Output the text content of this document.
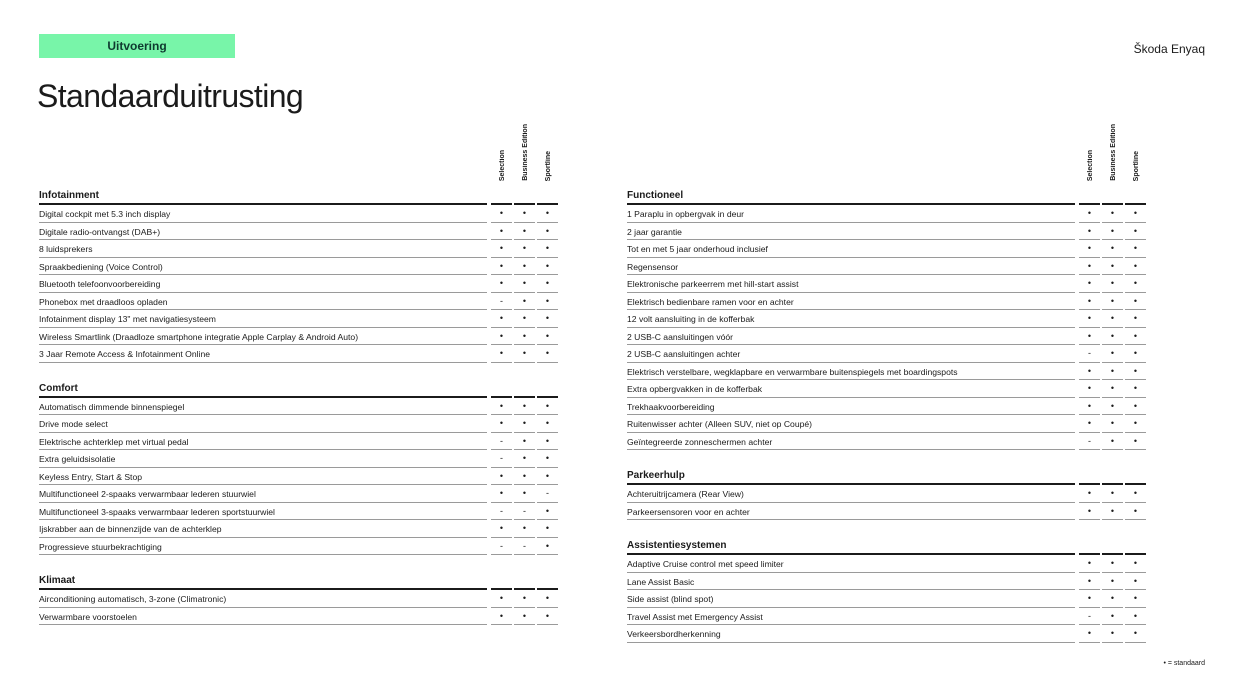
Uitvoering	Škoda Enyaq
Standaarduitrusting
Selection Business Edition Sportline
Infotainment
Digital cockpit met 5.3 inch display	•	•	•
Digitale radio-ontvangst (DAB+)	•	•	•
8 luidsprekers	•	•	•
Spraakbediening (Voice Control)	•	•	•
Bluetooth telefoonvoorbereiding	•	•	•
Phonebox met draadloos opladen	-	•	•
Infotainment display 13" met navigatiesysteem	•	•	•
Wireless Smartlink (Draadloze smartphone integratie Apple Carplay & Android Auto)	•	•	•
3 Jaar Remote Access & Infotainment Online	•	•	•
Comfort
Automatisch dimmende binnenspiegel	•	•	•
Drive mode select	•	•	•
Elektrische achterklep met virtual pedal	-	•	•
Extra geluidsisolatie	-	•	•
Keyless Entry, Start & Stop	•	•	•
Multifunctioneel 2-spaaks verwarmbaar lederen stuurwiel	•	•	-
Multifunctioneel 3-spaaks verwarmbaar lederen sportstuurwiel	-	-	•
Ijskrabber aan de binnenzijde van de achterklep	•	•	•
Progressieve stuurbekrachtiging	-	-	•
Klimaat
Airconditioning automatisch, 3-zone (Climatronic)	•	•	•
Verwarmbare voorstoelen	•	•	•
Selection Business Edition Sportline
Functioneel
1 Paraplu in opbergvak in deur	•	•	•
2 jaar garantie	•	•	•
Tot en met 5 jaar onderhoud inclusief	•	•	•
Regensensor	•	•	•
Elektronische parkeerrem met hill-start assist	•	•	•
Elektrisch bedienbare ramen voor en achter	•	•	•
12 volt aansluiting in de kofferbak	•	•	•
2 USB-C aansluitingen vóór	•	•	•
2 USB-C aansluitingen achter	-	•	•
Elektrisch verstelbare, wegklapbare en verwarmbare buitenspiegels met boardingspots	•	•	•
Extra opbergvakken in de kofferbak	•	•	•
Trekhaakvoorbereiding	•	•	•
Ruitenwisser achter (Alleen SUV, niet op Coupé)	•	•	•
Geïntegreerde zonneschermen achter	-	•	•
Parkeerhulp
Achteruitrijcamera (Rear View)	•	•	•
Parkeersensoren voor en achter	•	•	•
Assistentiesystemen
Adaptive Cruise control met speed limiter	•	•	•
Lane Assist Basic	•	•	•
Side assist (blind spot)	•	•	•
Travel Assist met Emergency Assist	-	•	•
Verkeersbordherkenning	•	•	•
• = standaard
